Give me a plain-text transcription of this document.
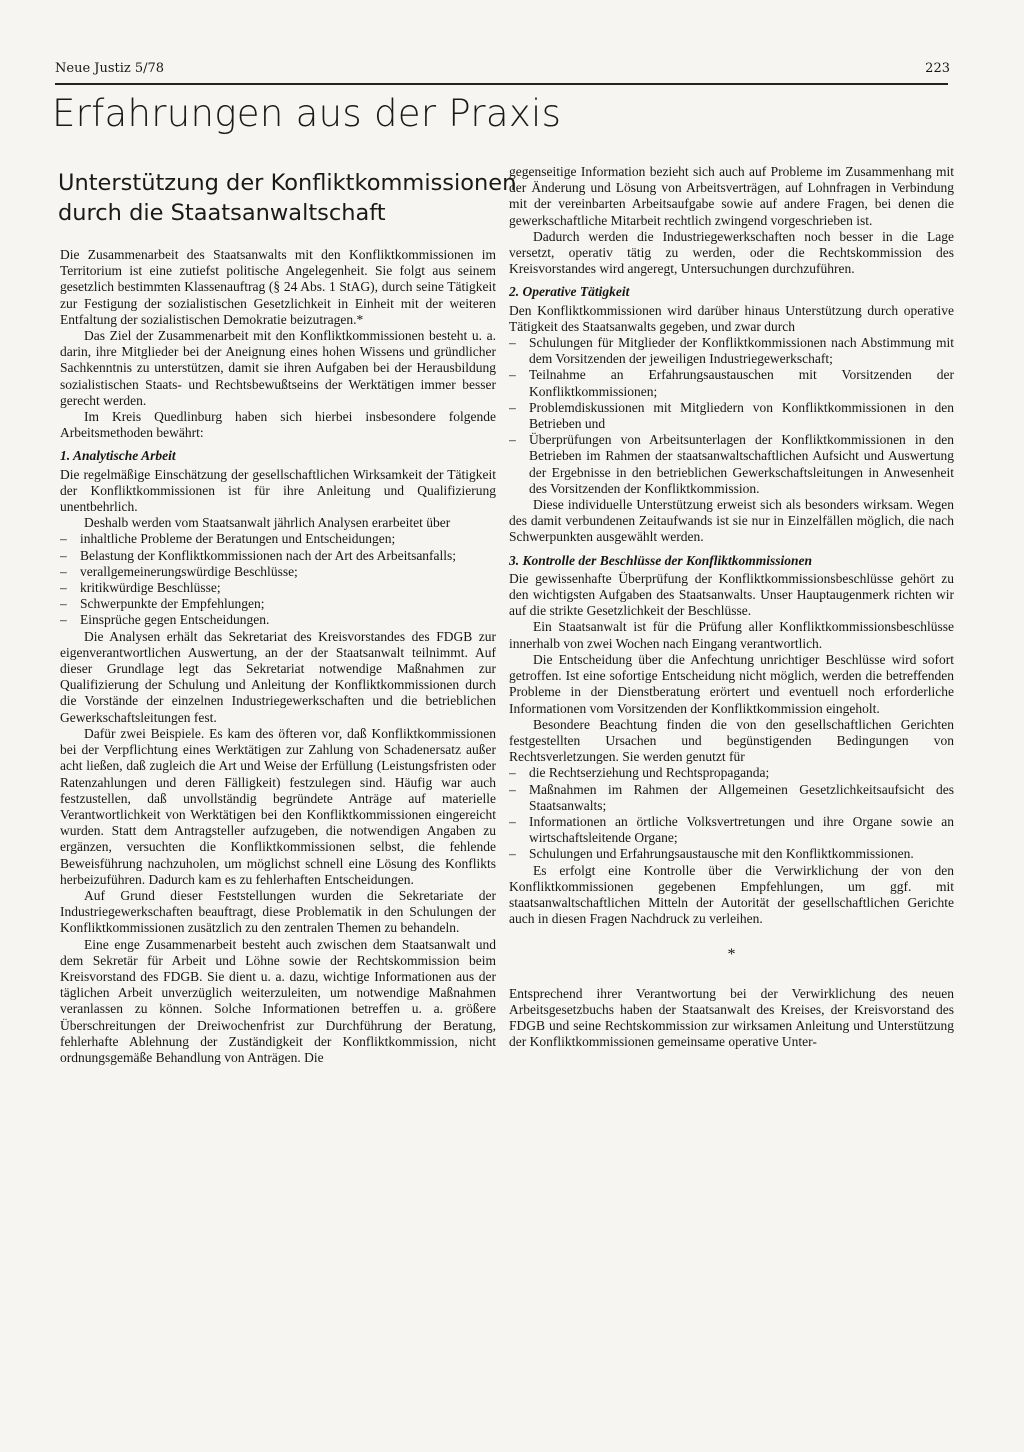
Neue Justiz 5/78	223
Erfahrungen aus der Praxis
Unterstützung der Konfliktkommissionen
durch die Staatsanwaltschaft

Die Zusammenarbeit des Staatsanwalts mit den Konfliktkommissionen im Territorium ist eine zutiefst politische Angelegenheit. Sie folgt aus seinem gesetzlich bestimmten Klassenauftrag (§ 24 Abs. 1 StAG), durch seine Tätigkeit zur Festigung der sozialistischen Gesetzlichkeit in Einheit mit der weiteren Entfaltung der sozialistischen Demokratie beizutragen.*

Das Ziel der Zusammenarbeit mit den Konfliktkommissionen besteht u. a. darin, ihre Mitglieder bei der Aneignung eines hohen Wissens und gründlicher Sachkenntnis zu unterstützen, damit sie ihren Aufgaben bei der Herausbildung sozialistischen Staats- und Rechtsbewußtseins der Werktätigen immer besser gerecht werden.

Im Kreis Quedlinburg haben sich hierbei insbesondere folgende Arbeitsmethoden bewährt:

1. Analytische Arbeit

Die regelmäßige Einschätzung der gesellschaftlichen Wirksamkeit der Tätigkeit der Konfliktkommissionen ist für ihre Anleitung und Qualifizierung unentbehrlich.

Deshalb werden vom Staatsanwalt jährlich Analysen erarbeitet über

– inhaltliche Probleme der Beratungen und Entscheidungen;
– Belastung der Konfliktkommissionen nach der Art des Arbeitsanfalls;
– verallgemeinerungswürdige Beschlüsse;
– kritikwürdige Beschlüsse;
– Schwerpunkte der Empfehlungen;
– Einsprüche gegen Entscheidungen.

Die Analysen erhält das Sekretariat des Kreisvorstandes des FDGB zur eigenverantwortlichen Auswertung, an der der Staatsanwalt teilnimmt. Auf dieser Grundlage legt das Sekretariat notwendige Maßnahmen zur Qualifizierung der Schulung und Anleitung der Konfliktkommissionen durch die Vorstände der einzelnen Industriegewerkschaften und die betrieblichen Gewerkschaftsleitungen fest.

Dafür zwei Beispiele. Es kam des öfteren vor, daß Konfliktkommissionen bei der Verpflichtung eines Werktätigen zur Zahlung von Schadenersatz außer acht ließen, daß zugleich die Art und Weise der Erfüllung (Leistungsfristen oder Ratenzahlungen und deren Fälligkeit) festzulegen sind. Häufig war auch festzustellen, daß unvollständig begründete Anträge auf materielle Verantwortlichkeit von Werktätigen bei den Konfliktkommissionen eingereicht wurden. Statt dem Antragsteller aufzugeben, die notwendigen Angaben zu ergänzen, versuchten die Konfliktkommissionen selbst, die fehlende Beweisführung nachzuholen, um möglichst schnell eine Lösung des Konflikts herbeizuführen. Dadurch kam es zu fehlerhaften Entscheidungen.

Auf Grund dieser Feststellungen wurden die Sekretariate der Industriegewerkschaften beauftragt, diese Problematik in den Schulungen der Konfliktkommissionen zusätzlich zu den zentralen Themen zu behandeln.

Eine enge Zusammenarbeit besteht auch zwischen dem Staatsanwalt und dem Sekretär für Arbeit und Löhne sowie der Rechtskommission beim Kreisvorstand des FDGB. Sie dient u. a. dazu, wichtige Informationen aus der täglichen Arbeit unverzüglich weiterzuleiten, um notwendige Maßnahmen veranlassen zu können. Solche Informationen betreffen u. a. größere Überschreitungen der Dreiwochenfrist zur Durchführung der Beratung, fehlerhafte Ablehnung der Zuständigkeit der Konfliktkommission, nicht ordnungsgemäße Behandlung von Anträgen. Die

gegenseitige Information bezieht sich auch auf Probleme im Zusammenhang mit der Änderung und Lösung von Arbeitsverträgen, auf Lohnfragen in Verbindung mit der vereinbarten Arbeitsaufgabe sowie auf andere Fragen, bei denen die gewerkschaftliche Mitarbeit rechtlich zwingend vorgeschrieben ist.

Dadurch werden die Industriegewerkschaften noch besser in die Lage versetzt, operativ tätig zu werden, oder die Rechtskommission des Kreisvorstandes wird angeregt, Untersuchungen durchzuführen.

2. Operative Tätigkeit

Den Konfliktkommissionen wird darüber hinaus Unterstützung durch operative Tätigkeit des Staatsanwalts gegeben, und zwar durch

– Schulungen für Mitglieder der Konfliktkommissionen nach Abstimmung mit dem Vorsitzenden der jeweiligen Industriegewerkschaft;
– Teilnahme an Erfahrungsaustauschen mit Vorsitzenden der Konfliktkommissionen;
– Problemdiskussionen mit Mitgliedern von Konfliktkommissionen in den Betrieben und
– Überprüfungen von Arbeitsunterlagen der Konfliktkommissionen in den Betrieben im Rahmen der staatsanwaltschaftlichen Aufsicht und Auswertung der Ergebnisse in den betrieblichen Gewerkschaftsleitungen in Anwesenheit des Vorsitzenden der Konfliktkommission.

Diese individuelle Unterstützung erweist sich als besonders wirksam. Wegen des damit verbundenen Zeitaufwands ist sie nur in Einzelfällen möglich, die nach Schwerpunkten ausgewählt werden.

3. Kontrolle der Beschlüsse der Konfliktkommissionen

Die gewissenhafte Überprüfung der Konfliktkommissionsbeschlüsse gehört zu den wichtigsten Aufgaben des Staatsanwalts. Unser Hauptaugenmerk richten wir auf die strikte Gesetzlichkeit der Beschlüsse.

Ein Staatsanwalt ist für die Prüfung aller Konfliktkommissionsbeschlüsse innerhalb von zwei Wochen nach Eingang verantwortlich.

Die Entscheidung über die Anfechtung unrichtiger Beschlüsse wird sofort getroffen. Ist eine sofortige Entscheidung nicht möglich, werden die betreffenden Probleme in der Dienstberatung erörtert und eventuell noch erforderliche Informationen vom Vorsitzenden der Konfliktkommission eingeholt.

Besondere Beachtung finden die von den gesellschaftlichen Gerichten festgestellten Ursachen und begünstigenden Bedingungen von Rechtsverletzungen. Sie werden genutzt für

– die Rechtserziehung und Rechtspropaganda;
– Maßnahmen im Rahmen der Allgemeinen Gesetzlichkeitsaufsicht des Staatsanwalts;
– Informationen an örtliche Volksvertretungen und ihre Organe sowie an wirtschaftsleitende Organe;
– Schulungen und Erfahrungsaustausche mit den Konfliktkommissionen.

Es erfolgt eine Kontrolle über die Verwirklichung der von den Konfliktkommissionen gegebenen Empfehlungen, um ggf. mit staatsanwaltschaftlichen Mitteln der Autorität der gesellschaftlichen Gerichte auch in diesen Fragen Nachdruck zu verleihen.

*

Entsprechend ihrer Verantwortung bei der Verwirklichung des neuen Arbeitsgesetzbuchs haben der Staatsanwalt des Kreises, der Kreisvorstand des FDGB und seine Rechtskommission zur wirksamen Anleitung und Unterstützung der Konfliktkommissionen gemeinsame operative Unter-
